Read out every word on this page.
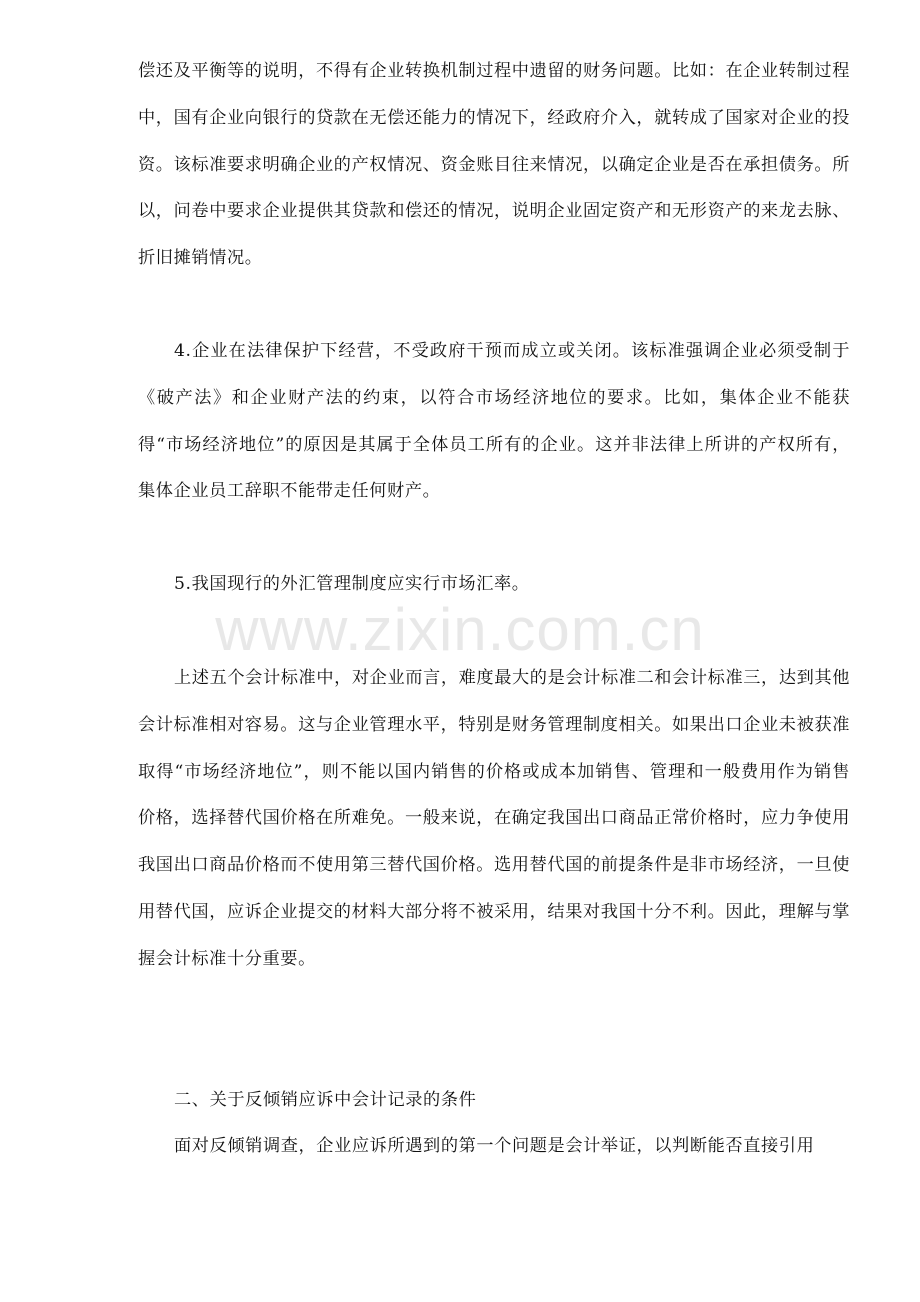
偿还及平衡等的说明，不得有企业转换机制过程中遗留的财务问题。比如：在企业转制过程中，国有企业向银行的贷款在无偿还能力的情况下，经政府介入，就转成了国家对企业的投资。该标准要求明确企业的产权情况、资金账目往来情况，以确定企业是否在承担债务。所以，问卷中要求企业提供其贷款和偿还的情况，说明企业固定资产和无形资产的来龙去脉、折旧摊销情况。

4.企业在法律保护下经营，不受政府干预而成立或关闭。该标准强调企业必须受制于《破产法》和企业财产法的约束，以符合市场经济地位的要求。比如，集体企业不能获得“市场经济地位”的原因是其属于全体员工所有的企业。这并非法律上所讲的产权所有，集体企业员工辞职不能带走任何财产。

5.我国现行的外汇管理制度应实行市场汇率。

上述五个会计标准中，对企业而言，难度最大的是会计标准二和会计标准三，达到其他会计标准相对容易。这与企业管理水平，特别是财务管理制度相关。如果出口企业未被获准取得“市场经济地位”，则不能以国内销售的价格或成本加销售、管理和一般费用作为销售价格，选择替代国价格在所难免。一般来说，在确定我国出口商品正常价格时，应力争使用我国出口商品价格而不使用第三替代国价格。选用替代国的前提条件是非市场经济，一旦使用替代国，应诉企业提交的材料大部分将不被采用，结果对我国十分不利。因此，理解与掌握会计标准十分重要。

二、关于反倾销应诉中会计记录的条件

面对反倾销调查，企业应诉所遇到的第一个问题是会计举证，以判断能否直接引用

www.zixin.com.cn
